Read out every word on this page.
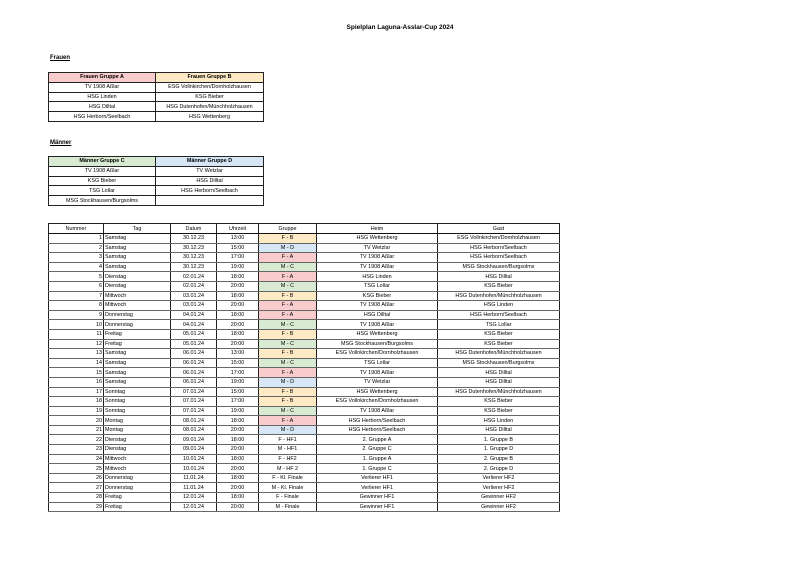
Spielplan Laguna-Asslar-Cup 2024
Frauen
Frauen Gruppe A	Frauen Gruppe B
TV 1908 Aßlar	ESG Vollnkirchen/Dornholzhausen
HSG Linden	KSG Bieber
HSG Dilltal	HSG Dutenhofen/Münchholzhausen
HSG Herborn/Seelbach	HSG Wettenberg
Männer
Männer Gruppe C	Männer Gruppe D
TV 1908 Aßlar	TV Wetzlar
KSG Bieber	HSG Dilltal
TSG Lollar	HSG Herborn/Seelbach
MSG Stockhausen/Burgsolms	
Nummer	Tag	Datum	Uhrzeit	Gruppe	Heim	Gast
1	Samstag	30.12.23	13:00	F - B	HSG Wettenberg	ESG Vollnkirchen/Dornholzhausen
2	Samstag	30.12.23	15:00	M - D	TV Wetzlar	HSG Herborn/Seelbach
3	Samstag	30.12.23	17:00	F - A	TV 1908 Aßlar	HSG Herborn/Seelbach
4	Samstag	30.12.23	19:00	M - C	TV 1908 Aßlar	MSG Stockhausen/Burgsolms
5	Dienstag	02.01.24	18:00	F - A	HSG Linden	HSG Dilltal
6	Dienstag	02.01.24	20:00	M - C	TSG Lollar	KSG Bieber
7	Mittwoch	03.01.24	18:00	F - B	KSG Bieber	HSG Dutenhofen/Münchholzhausen
8	Mittwoch	03.01.24	20:00	F - A	TV 1908 Aßlar	HSG Linden
9	Donnerstag	04.01.24	18:00	F - A	HSG Dilltal	HSG Herborn/Seelbach
10	Donnerstag	04.01.24	20:00	M - C	TV 1908 Aßlar	TSG Lollar
11	Freitag	05.01.24	18:00	F - B	HSG Wettenberg	KSG Bieber
12	Freitag	05.01.24	20:00	M - C	MSG Stockhausen/Burgsolms	KSG Bieber
13	Samstag	06.01.24	13:00	F - B	ESG Vollnkirchen/Dornholzhausen	HSG Dutenhofen/Münchholzhausen
14	Samstag	06.01.24	15:00	M - C	TSG Lollar	MSG Stockhausen/Burgsolms
15	Samstag	06.01.24	17:00	F - A	TV 1908 Aßlar	HSG Dilltal
16	Samstag	06.01.24	19:00	M - D	TV Wetzlar	HSG Dilltal
17	Sonntag	07.01.24	15:00	F - B	HSG Wettenberg	HSG Dutenhofen/Münchholzhausen
18	Sonntag	07.01.24	17:00	F - B	ESG Vollnkirchen/Dornholzhausen	KSG Bieber
19	Sonntag	07.01.24	19:00	M - C	TV 1908 Aßlar	KSG Bieber
20	Montag	08.01.24	18:00	F - A	HSG Herborn/Seelbach	HSG Linden
21	Montag	08.01.24	20:00	M - D	HSG Herborn/Seelbach	HSG Dilltal
22	Dienstag	09.01.24	18:00	F - HF1	2. Gruppe A	1. Gruppe B
23	Dienstag	09.01.24	20:00	M - HF1	2. Gruppe C	1. Gruppe D
24	Mittwoch	10.01.24	18:00	F - HF2	1. Gruppe A	2. Gruppe B
25	Mittwoch	10.01.24	20:00	M - HF 2	1. Gruppe C	2. Gruppe D
26	Donnerstag	11.01.24	18:00	F - Kl. Finale	Verlierer HF1	Verlierer HF2
27	Donnerstag	11.01.24	20:00	M - Kl. Finale	Verlierer HF1	Verlierer HF2
28	Freitag	12.01.24	18:00	F - Finale	Gewinner HF1	Gewinner HF2
29	Freitag	12.01.24	20:00	M - Finale	Gewinner HF1	Gewinner HF2
